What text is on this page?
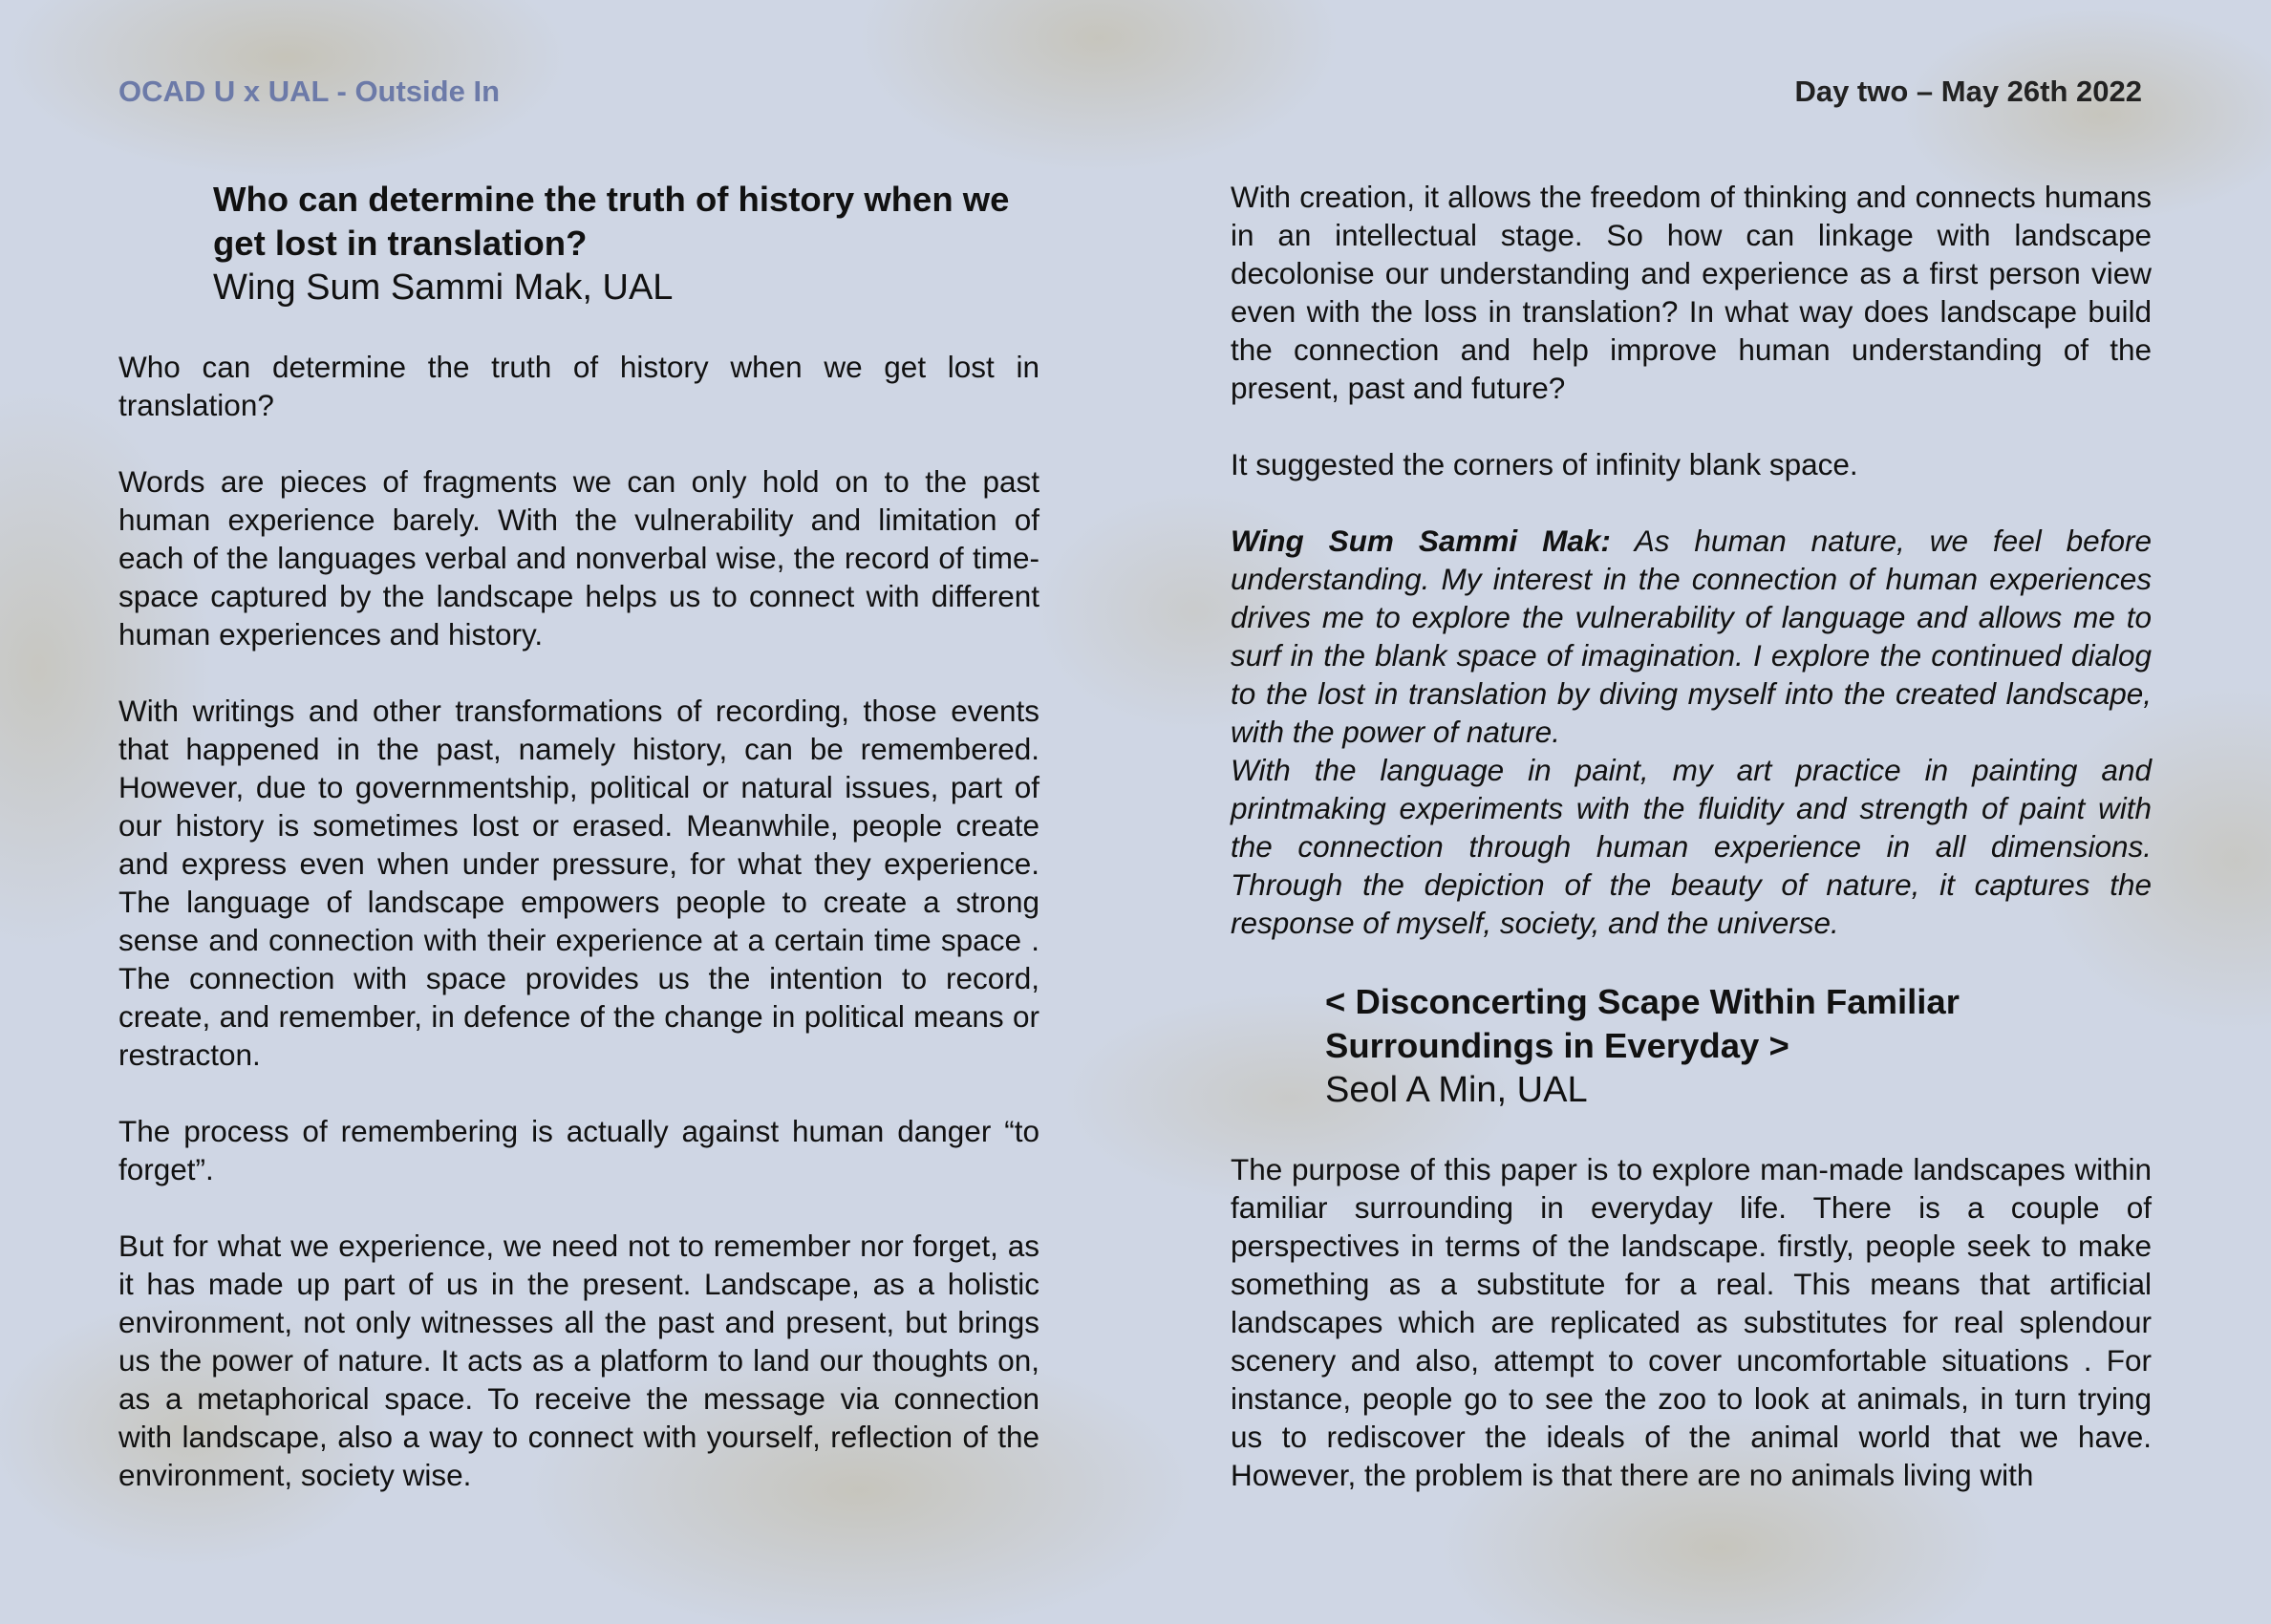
OCAD U x UAL - Outside In	Day two – May 26th 2022
Who can determine the truth of history when we get lost in translation?
Wing Sum Sammi Mak, UAL

Who can determine the truth of history when we get lost in translation?

Words are pieces of fragments we can only hold on to the past human experience barely. With the vulnerability and limitation of each of the languages verbal and nonverbal wise, the record of time-space captured by the landscape helps us to connect with different human experiences and history.

With writings and other transformations of recording, those events that happened in the past, namely history, can be remembered. However, due to governmentship, political or natural issues, part of our history is sometimes lost or erased. Meanwhile, people create and express even when under pressure, for what they experience. The language of landscape empowers people to create a strong sense and connection with their experience at a certain time space . The connection with space provides us the intention to record, create, and remember, in defence of the change in political means or restracton.

The process of remembering is actually against human danger “to forget”.

But for what we experience, we need not to remember nor forget, as it has made up part of us in the present. Landscape, as a holistic environment, not only witnesses all the past and present, but brings us the power of nature. It acts as a platform to land our thoughts on, as a metaphorical space. To receive the message via connection with landscape, also a way to connect with yourself, reflection of the environment, society wise.

With creation, it allows the freedom of thinking and connects humans in an intellectual stage. So how can linkage with landscape decolonise our understanding and experience as a first person view even with the loss in translation? In what way does landscape build the connection and help improve human understanding of the present, past and future?

It suggested the corners of infinity blank space.

Wing Sum Sammi Mak: As human nature, we feel before understanding. My interest in the connection of human experiences drives me to explore the vulnerability of language and allows me to surf in the blank space of imagination. I explore the continued dialog to the lost in translation by diving myself into the created landscape, with the power of nature.

With the language in paint, my art practice in painting and printmaking experiments with the fluidity and strength of paint with the connection through human experience in all dimensions. Through the depiction of the beauty of nature, it captures the response of myself, society, and the universe.

< Disconcerting Scape Within Familiar Surroundings in Everyday >
Seol A Min, UAL

The purpose of this paper is to explore man-made landscapes within familiar surrounding in everyday life. There is a couple of perspectives in terms of the landscape. firstly, people seek to make something as a substitute for a real. This means that artificial landscapes which are replicated as substitutes for real splendour scenery and also, attempt to cover uncomfortable situations . For instance, people go to see the zoo to look at animals, in turn trying us to rediscover the ideals of the animal world that we have. However, the problem is that there are no animals living with
